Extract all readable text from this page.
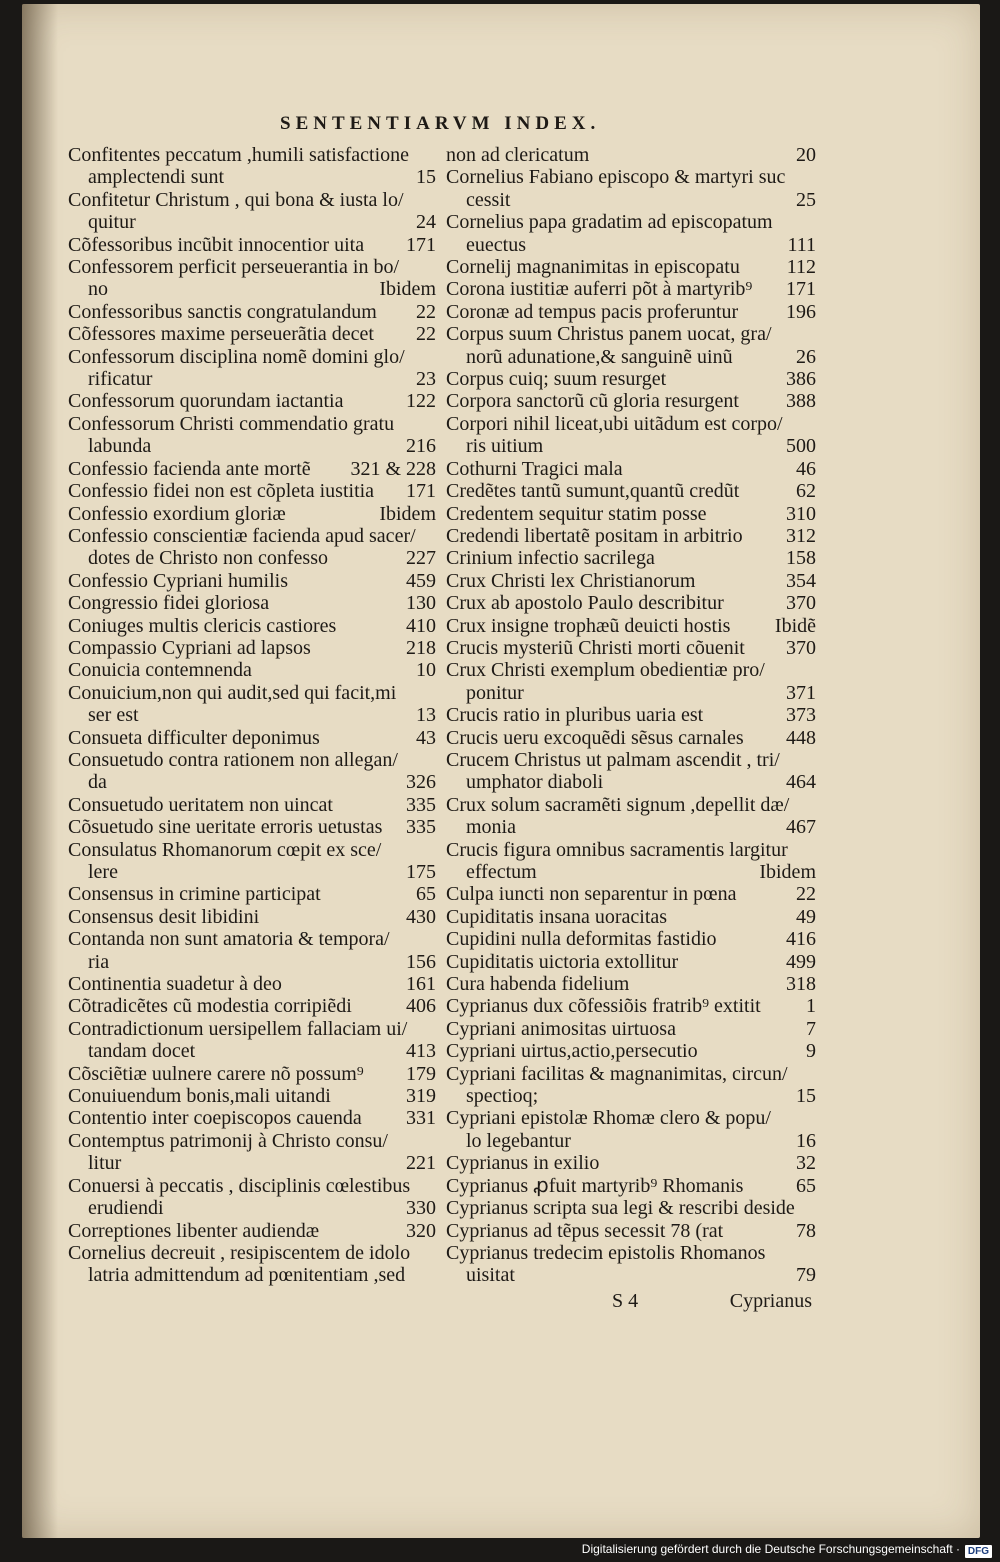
SENTENTIARVM INDEX.
Confitentes peccatum ,humili satisfactione
amplectendi sunt	15
Confitetur Christum , qui bona & iusta lo/
quitur	24
Cõfessoribus incũbit innocentior uita	171
Confessorem perficit perseuerantia in bo/
no	Ibidem
Confessoribus sanctis congratulandum	22
Cõfessores maxime perseuerãtia decet	22
Confessorum disciplina nomẽ domini glo/
rificatur	23
Confessorum quorundam iactantia	122
Confessorum Christi commendatio gratu
labunda	216
Confessio facienda ante mortẽ	321 & 228
Confessio fidei non est cõpleta iustitia	171
Confessio exordium gloriæ	Ibidem
Confessio conscientiæ facienda apud sacer/
dotes de Christo non confesso	227
Confessio Cypriani humilis	459
Congressio fidei gloriosa	130
Coniuges multis clericis castiores	410
Compassio Cypriani ad lapsos	218
Conuicia contemnenda	10
Conuicium,non qui audit,sed qui facit,mi
ser est	13
Consueta difficulter deponimus	43
Consuetudo contra rationem non allegan/
da	326
Consuetudo ueritatem non uincat	335
Cõsuetudo sine ueritate erroris uetustas	335
Consulatus Rhomanorum cœpit ex sce/
lere	175
Consensus in crimine participat	65
Consensus desit libidini	430
Contanda non sunt amatoria & tempora/
ria	156
Continentia suadetur à deo	161
Cõtradicẽtes cũ modestia corripiẽdi	406
Contradictionum uersipellem fallaciam ui/
tandam docet	413
Cõsciẽtiæ uulnere carere nõ possum⁹	179
Conuiuendum bonis,mali uitandi	319
Contentio inter coepiscopos cauenda	331
Contemptus patrimonij à Christo consu/
litur	221
Conuersi à peccatis , disciplinis cœlestibus
erudiendi	330
Correptiones libenter audiendæ	320
Cornelius decreuit , resipiscentem de idolo
latria admittendum ad pœnitentiam ,sed
non ad clericatum	20
Cornelius Fabiano episcopo & martyri suc
cessit	25
Cornelius papa gradatim ad episcopatum
euectus	111
Cornelij magnanimitas in episcopatu	112
Corona iustitiæ auferri põt à martyrib⁹	171
Coronæ ad tempus pacis proferuntur	196
Corpus suum Christus panem uocat, gra/
norũ adunatione,& sanguinẽ uinũ	26
Corpus cuiq; suum resurget	386
Corpora sanctorũ cũ gloria resurgent	388
Corpori nihil liceat,ubi uitãdum est corpo/
ris uitium	500
Cothurni Tragici mala	46
Credẽtes tantũ sumunt,quantũ credũt	62
Credentem sequitur statim posse	310
Credendi libertatẽ positam in arbitrio	312
Crinium infectio sacrilega	158
Crux Christi lex Christianorum	354
Crux ab apostolo Paulo describitur	370
Crux insigne trophæũ deuicti hostis	Ibidẽ
Crucis mysteriũ Christi morti cõuenit	370
Crux Christi exemplum obedientiæ pro/
ponitur	371
Crucis ratio in pluribus uaria est	373
Crucis ueru excoquẽdi sẽsus carnales	448
Crucem Christus ut palmam ascendit , tri/
umphator diaboli	464
Crux solum sacramẽti signum ,depellit dæ/
monia	467
Crucis figura omnibus sacramentis largitur
effectum	Ibidem
Culpa iuncti non separentur in pœna	22
Cupiditatis insana uoracitas	49
Cupidini nulla deformitas fastidio	416
Cupiditatis uictoria extollitur	499
Cura habenda fidelium	318
Cyprianus dux cõfessiõis fratrib⁹ extitit	1
Cypriani animositas uirtuosa	7
Cypriani uirtus,actio,persecutio	9
Cypriani facilitas & magnanimitas, circun/
spectioq;	15
Cypriani epistolæ Rhomæ clero & popu/
lo legebantur	16
Cyprianus in exilio	32
Cyprianus ꝓfuit martyrib⁹ Rhomanis	65
Cyprianus scripta sua legi & rescribi deside
Cyprianus ad tẽpus secessit 78 (rat	78
Cyprianus tredecim epistolis Rhomanos
uisitat	79
S 4	Cyprianus
Digitalisierung gefördert durch die Deutsche Forschungsgemeinschaft · DFG
